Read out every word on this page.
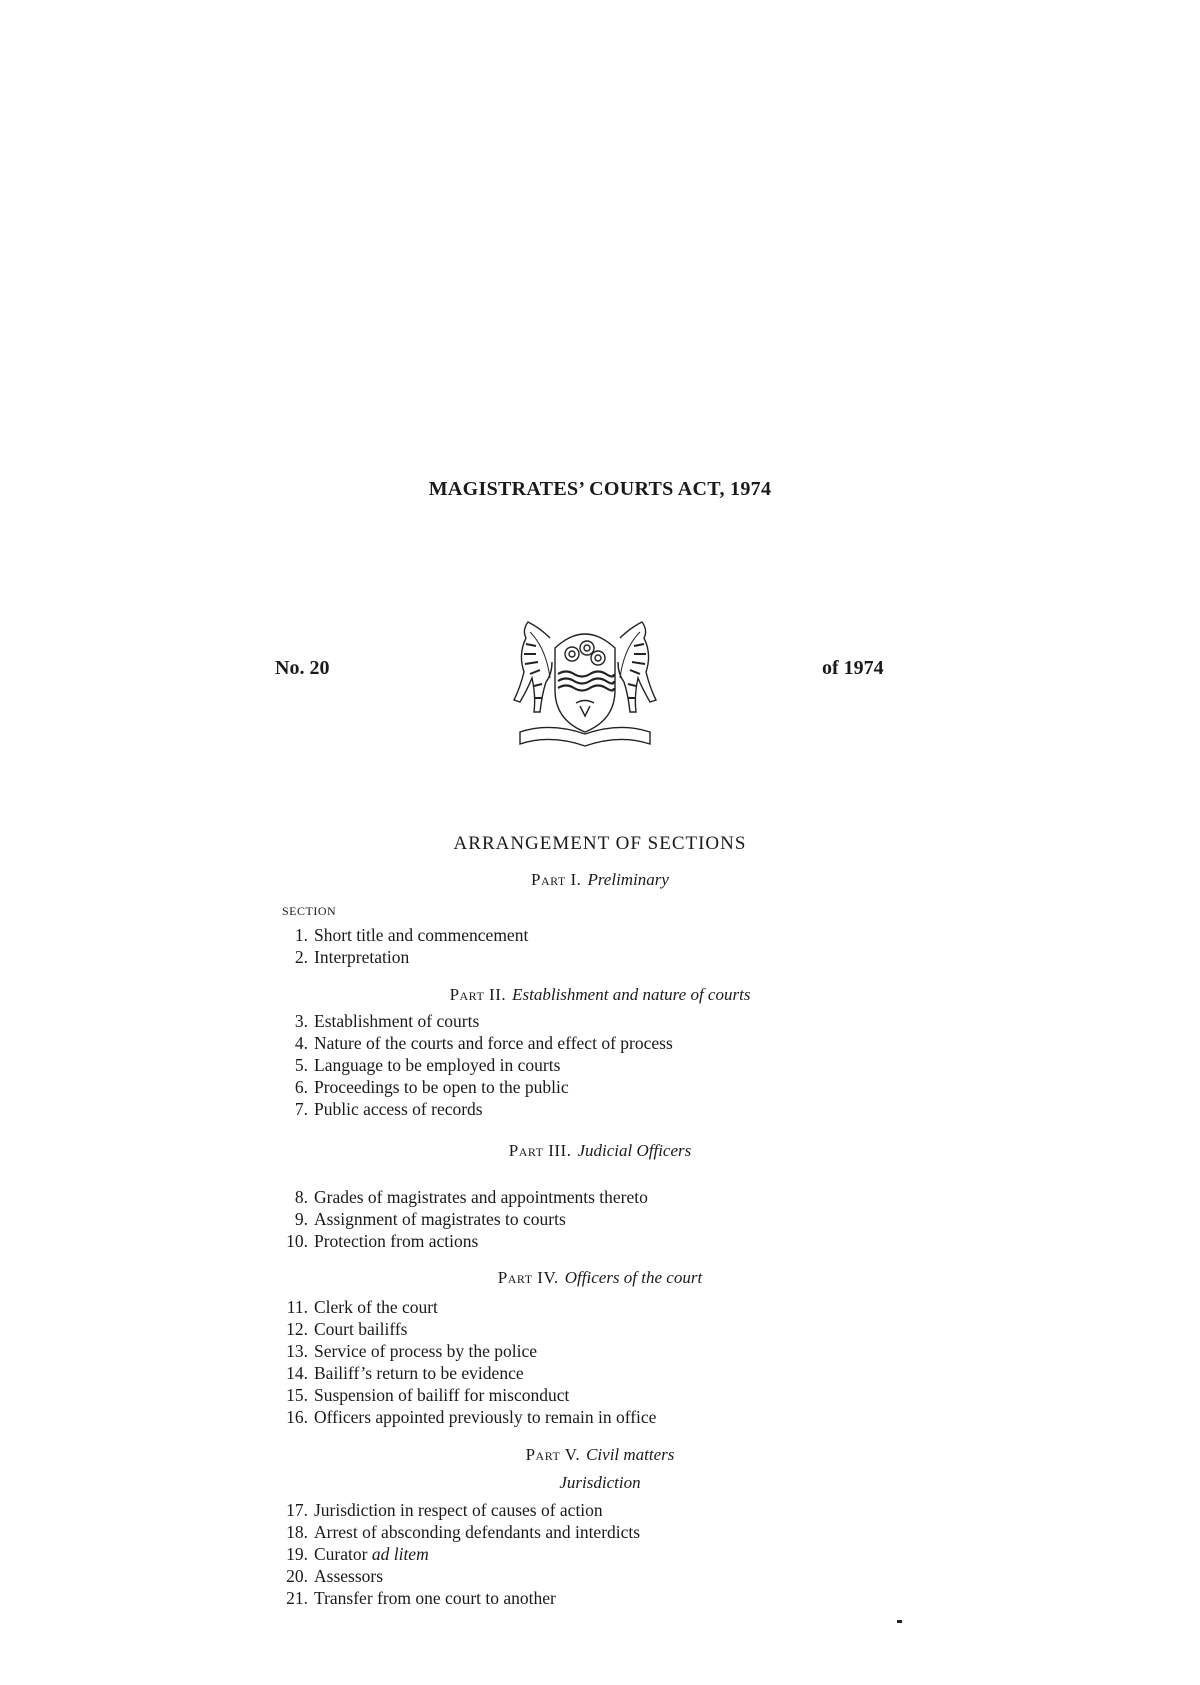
MAGISTRATES’ COURTS ACT, 1974
No. 20	of 1974
ARRANGEMENT OF SECTIONS
Part I. Preliminary
SECTION
1. Short title and commencement
2. Interpretation
Part II. Establishment and nature of courts
3. Establishment of courts
4. Nature of the courts and force and effect of process
5. Language to be employed in courts
6. Proceedings to be open to the public
7. Public access of records
Part III. Judicial Officers
8. Grades of magistrates and appointments thereto
9. Assignment of magistrates to courts
10. Protection from actions
Part IV. Officers of the court
11. Clerk of the court
12. Court bailiffs
13. Service of process by the police
14. Bailiff’s return to be evidence
15. Suspension of bailiff for misconduct
16. Officers appointed previously to remain in office
Part V. Civil matters
Jurisdiction
17. Jurisdiction in respect of causes of action
18. Arrest of absconding defendants and interdicts
19. Curator ad litem
20. Assessors
21. Transfer from one court to another
